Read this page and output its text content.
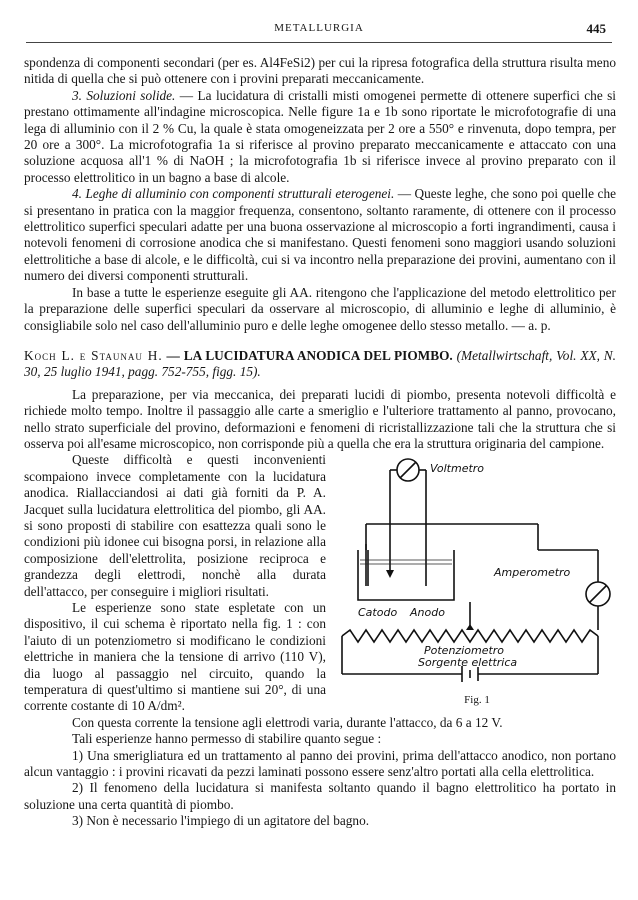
METALLURGIA	445

spondenza di componenti secondari (per es. Al4FeSi2) per cui la ripresa fotografica della struttura risulta meno nitida di quella che si può ottenere con i provini preparati meccanicamente.

3. Soluzioni solide. — La lucidatura di cristalli misti omogenei permette di ottenere superfici che si prestano ottimamente all'indagine microscopica. Nelle figure 1a e 1b sono riportate le microfotografie di una lega di alluminio con il 2 % Cu, la quale è stata omogeneizzata per 2 ore a 550° e rinvenuta, dopo tempra, per 20 ore a 300°. La microfotografia 1a si riferisce al provino preparato meccanicamente e attaccato con una soluzione acquosa all'1 % di NaOH ; la microfotografia 1b si riferisce invece al provino preparato con il processo elettrolitico in un bagno a base di alcole.

4. Leghe di alluminio con componenti strutturali eterogenei. — Queste leghe, che sono poi quelle che si presentano in pratica con la maggior frequenza, consentono, soltanto raramente, di ottenere con il processo elettrolitico superfici speculari adatte per una buona osservazione al microscopio a forti ingrandimenti, causa i notevoli fenomeni di corrosione anodica che si manifestano. Questi fenomeni sono maggiori usando soluzioni elettrolitiche a base di alcole, e le difficoltà, cui si va incontro nella preparazione dei provini, aumentano con il numero dei diversi componenti strutturali.

In base a tutte le esperienze eseguite gli AA. ritengono che l'applicazione del metodo elettrolitico per la preparazione delle superfici speculari da osservare al microscopio, di alluminio e leghe di alluminio, è consigliabile solo nel caso dell'alluminio puro e delle leghe omogenee dello stesso metallo. — a. p.

Koch L. e Staunau H. — LA LUCIDATURA ANODICA DEL PIOMBO. (Metallwirtschaft, Vol. XX, N. 30, 25 luglio 1941, pagg. 752-755, figg. 15).

La preparazione, per via meccanica, dei preparati lucidi di piombo, presenta notevoli difficoltà e richiede molto tempo. Inoltre il passaggio alle carte a smeriglio e l'ulteriore trattamento al panno, provocano, nello strato superficiale del provino, deformazioni e fenomeni di ricristallizzazione tali che la struttura che si osserva poi all'esame microscopico, non corrisponde più a quella che era la struttura originaria del campione.

Voltmetro
Amperometro
Catodo Anodo
Potenziometro
Sorgente elettrica
Fig. 1

Queste difficoltà e questi inconvenienti scompaiono invece completamente con la lucidatura anodica. Riallacciandosi ai dati già forniti da P. A. Jacquet sulla lucidatura elettrolitica del piombo, gli AA. si sono proposti di stabilire con esattezza quali sono le condizioni più idonee cui bisogna porsi, in relazione alla composizione dell'elettrolita, posizione reciproca e grandezza degli elettrodi, nonchè alla durata dell'attacco, per conseguire i migliori risultati.

Le esperienze sono state espletate con un dispositivo, il cui schema è riportato nella fig. 1 : con l'aiuto di un potenziometro si modificano le condizioni elettriche in maniera che la tensione di arrivo (110 V), dia luogo al passaggio nel circuito, quando la temperatura di quest'ultimo si mantiene sui 20°, di una corrente costante di 10 A/dm².

Con questa corrente la tensione agli elettrodi varia, durante l'attacco, da 6 a 12 V.

Tali esperienze hanno permesso di stabilire quanto segue :

1) Una smerigliatura ed un trattamento al panno dei provini, prima dell'attacco anodico, non portano alcun vantaggio : i provini ricavati da pezzi laminati possono essere senz'altro portati alla cella elettrolitica.

2) Il fenomeno della lucidatura si manifesta soltanto quando il bagno elettrolitico ha portato in soluzione una certa quantità di piombo.

3) Non è necessario l'impiego di un agitatore del bagno.
